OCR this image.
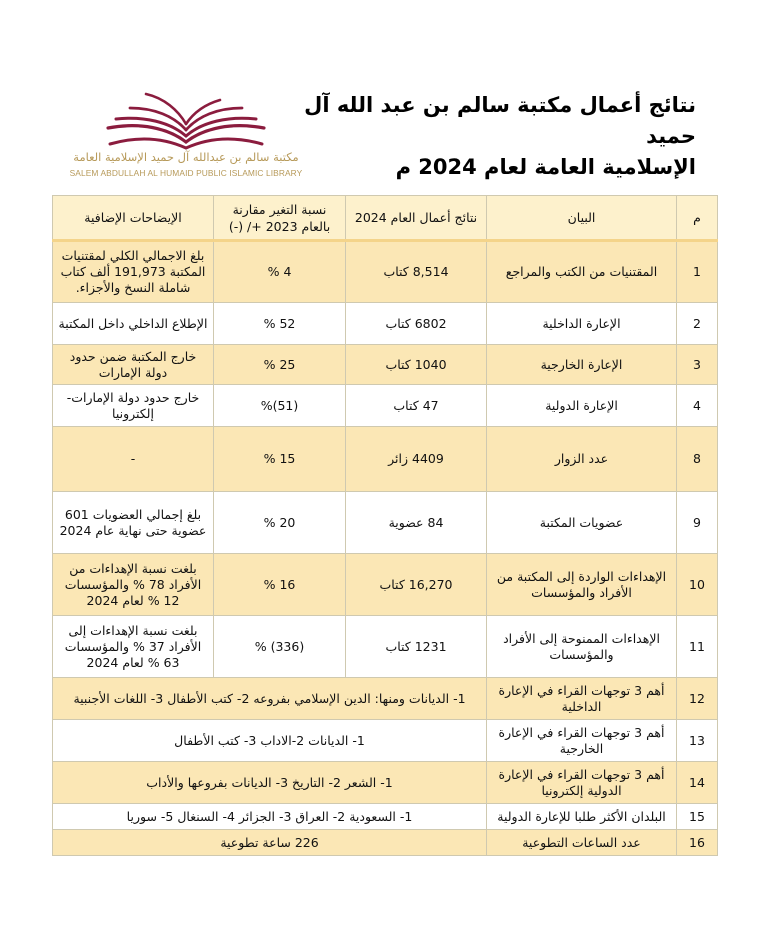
نتائج أعمال مكتبة سالم بن عبد الله آل حميد
الإسلامية العامة لعام 2024 م
مكتبة سالم بن عبدالله آل حميد الإسلامية العامة
SALEM ABDULLAH AL HUMAID PUBLIC ISLAMIC LIBRARY
م	البيان	نتائج أعمال العام 2024	نسبة التغير مقارنة بالعام 2023 +/ (-)	الإيضاحات الإضافية
1	المقتنيات من الكتب والمراجع	8,514 كتاب	4 %	بلغ الاجمالي الكلي لمقتنيات المكتبة 191,973 ألف كتاب شاملة النسخ والأجزاء.
2	الإعارة الداخلية	6802 كتاب	52 %	الإطلاع الداخلي داخل المكتبة
3	الإعارة الخارجية	1040 كتاب	25 %	خارج المكتبة ضمن حدود دولة الإمارات
4	الإعارة الدولية	47 كتاب	(51)%	خارج حدود دولة الإمارات- إلكترونيا
8	عدد الزوار	4409 زائر	15 %	-
9	عضويات المكتبة	84 عضوية	20 %	بلغ إجمالي العضويات 601 عضوية حتى نهاية عام 2024
10	الإهداءات الواردة إلى المكتبة من الأفراد والمؤسسات	16,270 كتاب	16 %	بلغت نسبة الإهداءات من الأفراد 78 % والمؤسسات 12 % لعام 2024
11	الإهداءات الممنوحة إلى الأفراد والمؤسسات	1231 كتاب	(336) %	بلغت نسبة الإهداءات إلى الأفراد 37 % والمؤسسات 63 % لعام 2024
12	أهم 3 توجهات القراء في الإعارة الداخلية	1- الديانات ومنها: الدين الإسلامي بفروعه 2- كتب الأطفال 3- اللغات الأجنبية		
13	أهم 3 توجهات القراء في الإعارة الخارجية	1- الديانات 2-الاداب 3- كتب الأطفال		
14	أهم 3 توجهات القراء في الإعارة الدولية إلكترونيا	1- الشعر 2- التاريخ 3- الديانات بفروعها والأداب		
15	البلدان الأكثر طلبا للإعارة الدولية	1- السعودية 2- العراق 3- الجزائر 4- السنغال 5- سوريا		
16	عدد الساعات التطوعية	226 ساعة تطوعية		
